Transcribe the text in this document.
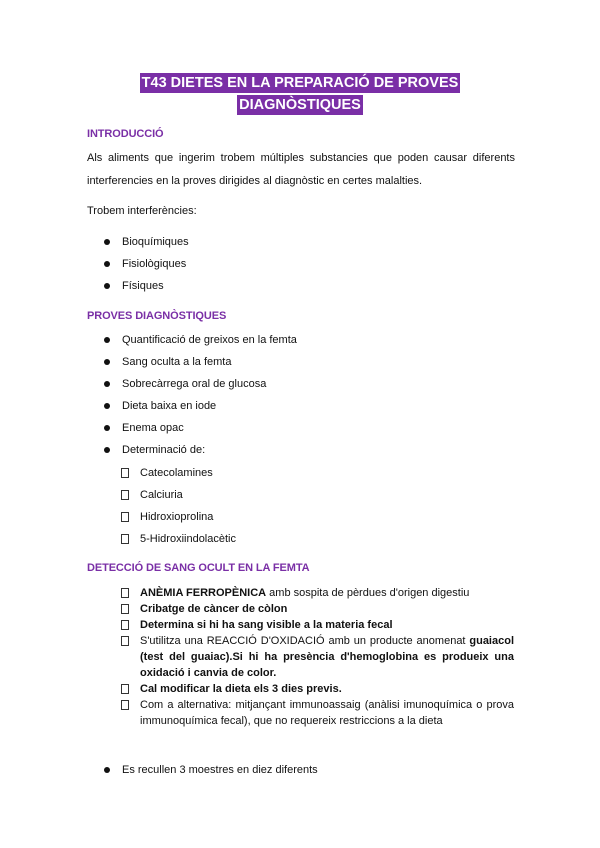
T43 DIETES EN LA PREPARACIÓ DE PROVES
DIAGNÒSTIQUES
INTRODUCCIÓ
Als aliments que ingerim trobem múltiples substancies que poden causar diferents interferencies en la proves dirigides al diagnòstic en certes malalties.
Trobem interferències:
Bioquímiques
Fisiològiques
Físiques
PROVES DIAGNÒSTIQUES
Quantificació de greixos en la femta
Sang oculta a la femta
Sobrecàrrega oral de glucosa
Dieta baixa en iode
Enema opac
Determinació de:
Catecolamines
Calciuria
Hidroxioprolina
5-Hidroxiindolacètic
DETECCIÓ DE SANG OCULT EN LA FEMTA
ANÈMIA FERROPÈNICA amb sospita de pèrdues d'origen digestiu
Cribatge de càncer de còlon
Determina si hi ha sang visible a la materia fecal
S'utilitza una REACCIÓ D'OXIDACIÓ amb un producte anomenat guaiacol (test del guaiac).Si hi ha presència d'hemoglobina es produeix una oxidació i canvia de color.
Cal modificar la dieta els 3 dies previs.
Com a alternativa: mitjançant immunoassaig (anàlisi imunoquímica o prova immunoquímica fecal), que no requereix restriccions a la dieta
Es recullen 3 moestres en diez diferents
